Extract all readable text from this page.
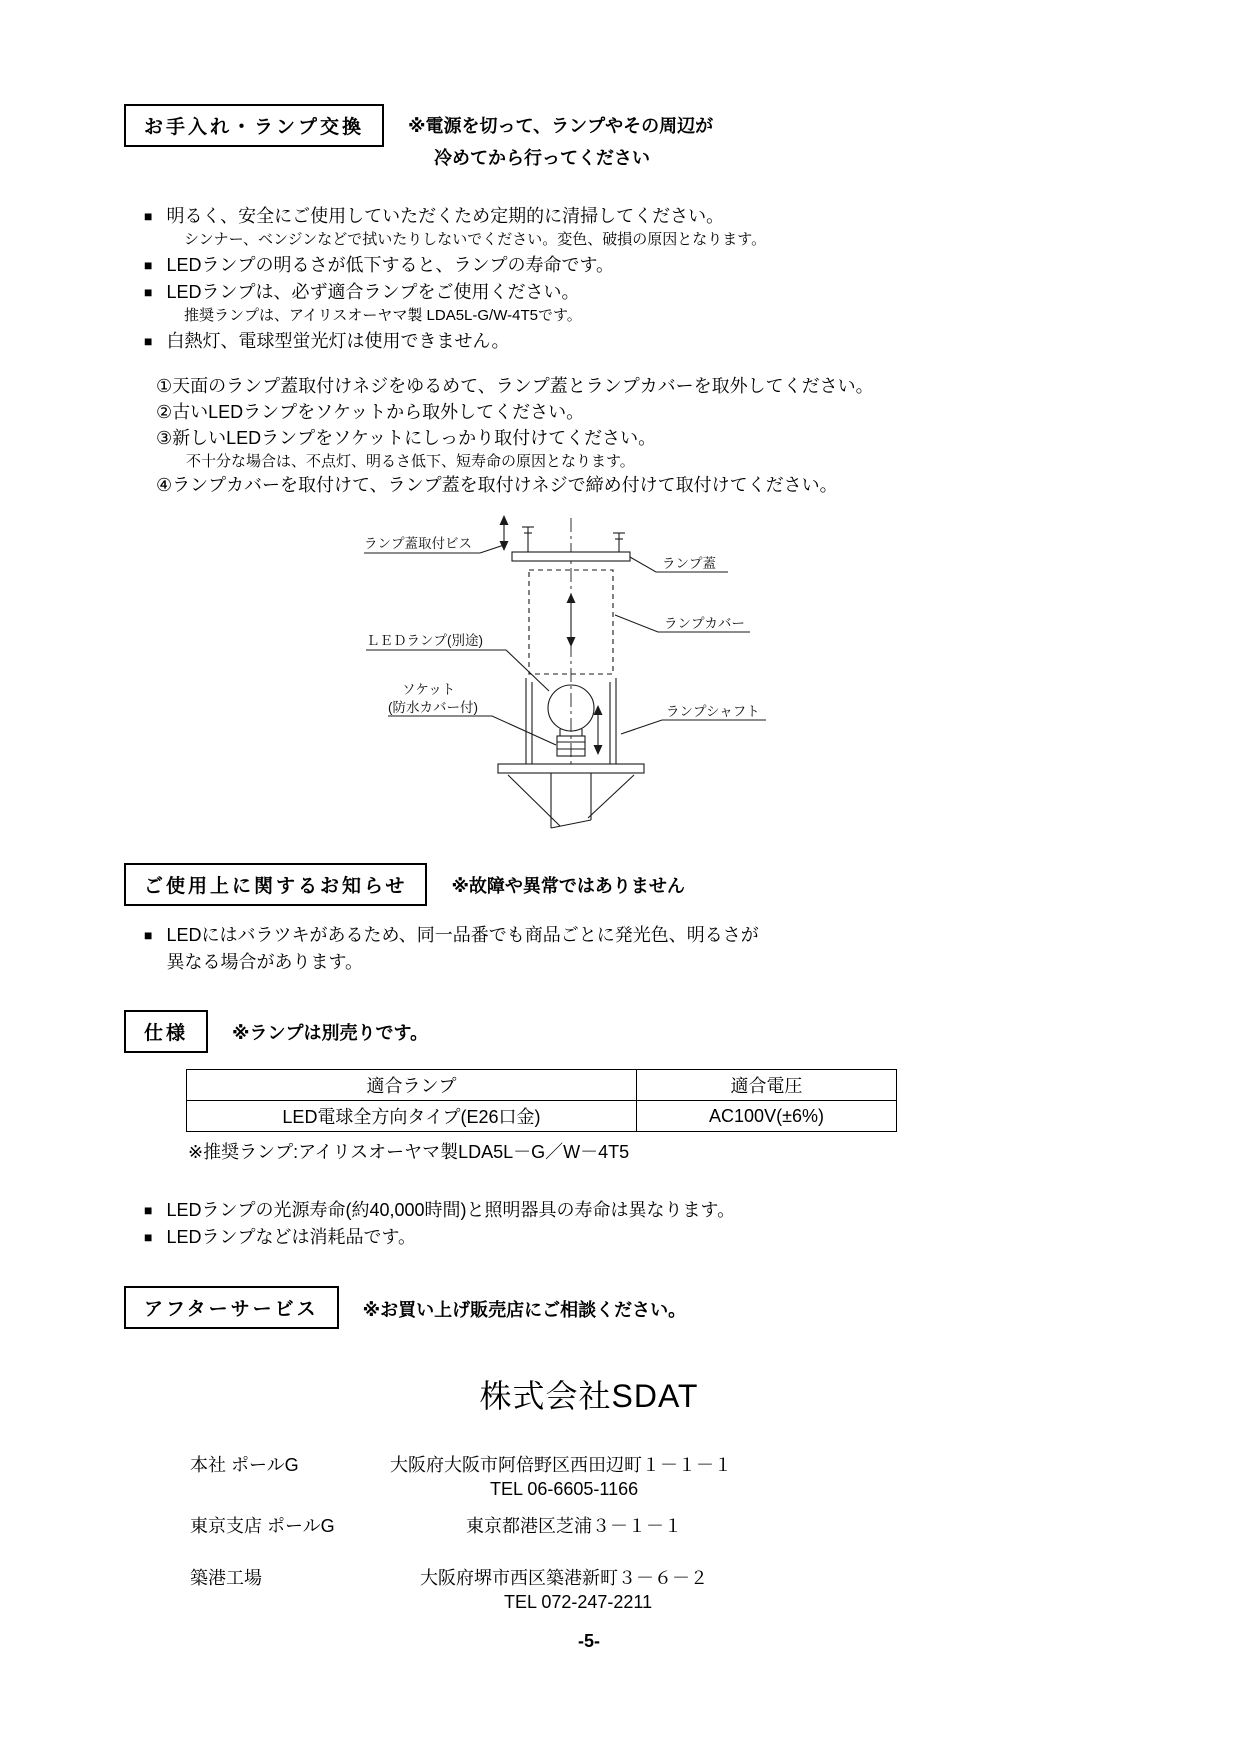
お手入れ・ランプ交換	※電源を切って、ランプやその周辺が
冷めてから行ってください
■ 明るく、安全にご使用していただくため定期的に清掃してください。
シンナー、ベンジンなどで拭いたりしないでください。変色、破損の原因となります。
■ LEDランプの明るさが低下すると、ランプの寿命です。
■ LEDランプは、必ず適合ランプをご使用ください。
推奨ランプは、アイリスオーヤマ製 LDA5L-G/W-4T5です。
■ 白熱灯、電球型蛍光灯は使用できません。
①天面のランプ蓋取付けネジをゆるめて、ランプ蓋とランプカバーを取外してください。
②古いLEDランプをソケットから取外してください。
③新しいLEDランプをソケットにしっかり取付けてください。
不十分な場合は、不点灯、明るさ低下、短寿命の原因となります。
④ランプカバーを取付けて、ランプ蓋を取付けネジで締め付けて取付けてください。
ランプ蓋取付ビス
ランプ蓋
ランプカバー
ＬＥＤランプ(別途)
ソケット
(防水カバー付)	ランプシャフト
ご使用上に関するお知らせ	※故障や異常ではありません
■ LEDにはバラツキがあるため、同一品番でも商品ごとに発光色、明るさが
異なる場合があります。
仕様	※ランプは別売りです。
適合ランプ	適合電圧
LED電球全方向タイプ(E26口金)	AC100V(±6%)
※推奨ランプ:アイリスオーヤマ製LDA5L－G／W－4T5
■ LEDランプの光源寿命(約40,000時間)と照明器具の寿命は異なります。
■ LEDランプなどは消耗品です。
アフターサービス	※お買い上げ販売店にご相談ください。
株式会社SDAT
本社 ポールG	大阪府大阪市阿倍野区西田辺町１－１－１
TEL 06-6605-1166
東京支店 ポールG	東京都港区芝浦３－１－１
築港工場	大阪府堺市西区築港新町３－６－２
TEL 072-247-2211
-5-
